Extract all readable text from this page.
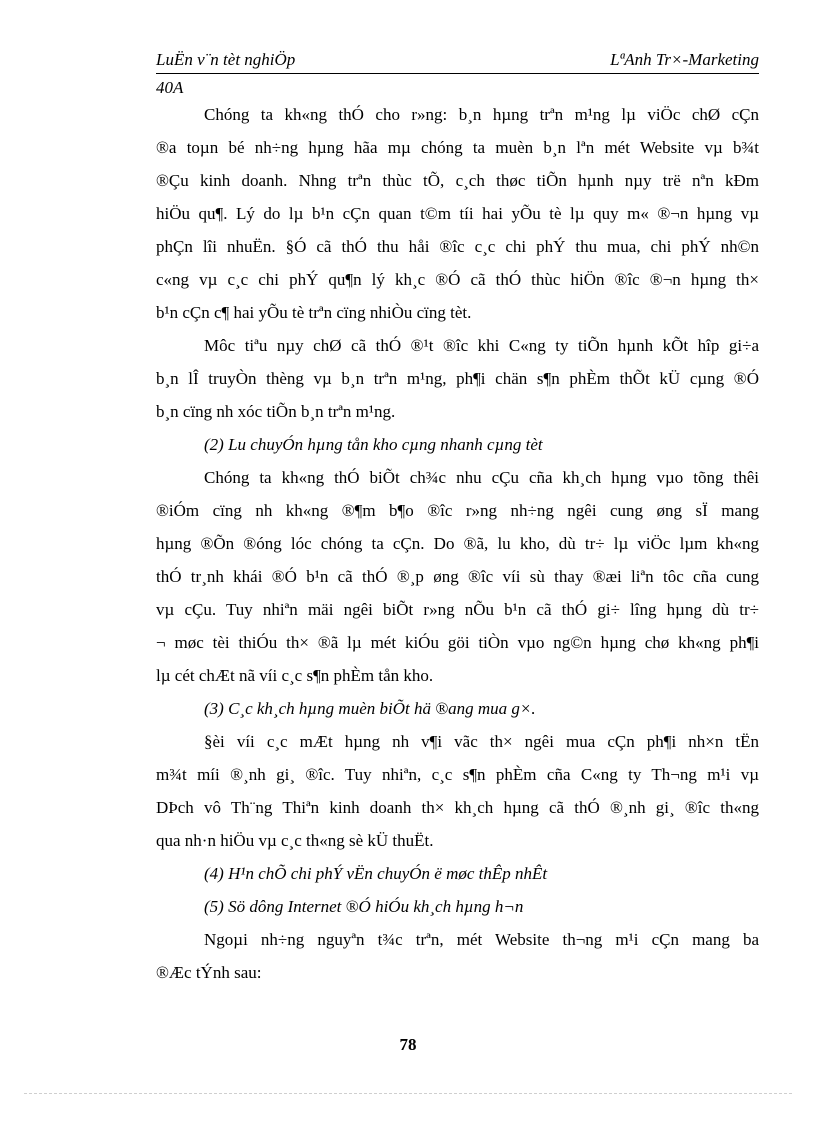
LuËn v¨n tèt nghiÖp	LªAnh Tr×-Marketing
40A
Chóng ta kh«ng thÓ cho r»ng: b¸n hµng trªn m¹ng lµ viÖc chØ cÇn
®a toµn bé nh÷ng hµng hãa mµ chóng ta muèn b¸n lªn mét Website vµ b¾t
®Çu kinh doanh. Nhng trªn thùc tÕ, c¸ch thøc tiÕn hµnh nµy trë nªn kÐm
hiÖu qu¶. Lý do lµ b¹n cÇn quan t©m tíi hai yÕu tè lµ quy m« ®¬n hµng vµ
phÇn lîi nhuËn. §Ó cã thÓ thu håi ®îc c¸c chi phÝ thu mua, chi phÝ nh©n
c«ng vµ c¸c chi phÝ qu¶n lý kh¸c ®Ó cã thÓ thùc hiÖn ®îc ®¬n hµng th×
b¹n cÇn c¶ hai yÕu tè trªn cïng nhiÒu cïng tèt.
Môc tiªu nµy chØ cã thÓ ®¹t ®îc khi C«ng ty tiÕn hµnh kÕt hîp gi÷a
b¸n lÎ truyÒn thèng vµ b¸n trªn m¹ng, ph¶i chän s¶n phÈm thÕt kÜ cµng ®Ó
b¸n cïng nh xóc tiÕn b¸n trªn m¹ng.
(2) Lu chuyÓn hµng tån kho cµng nhanh cµng tèt
Chóng ta kh«ng thÓ biÕt ch¾c nhu cÇu cña kh¸ch hµng vµo tõng thêi
®iÓm cïng nh kh«ng ®¶m b¶o ®îc r»ng nh÷ng ngêi cung øng sÏ mang
hµng ®Õn ®óng lóc chóng ta cÇn. Do ®ã, lu kho, dù tr÷ lµ viÖc lµm kh«ng
thÓ tr¸nh khái ®Ó b¹n cã thÓ ®¸p øng ®îc víi sù thay ®æi liªn tôc cña cung
vµ cÇu. Tuy nhiªn mäi ngêi biÕt r»ng nÕu b¹n cã thÓ gi÷ lîng hµng dù tr÷
¬ møc tèi thiÓu th× ®ã lµ mét kiÓu göi tiÒn vµo ng©n hµng chø kh«ng ph¶i
lµ cét chÆt nã víi c¸c s¶n phÈm tån kho.
(3) C¸c kh¸ch hµng muèn biÕt hä ®ang mua g×.
§èi víi c¸c mÆt hµng nh v¶i vãc th× ngêi mua cÇn ph¶i nh×n tËn
m¾t míi ®¸nh gi¸ ®îc. Tuy nhiªn, c¸c s¶n phÈm cña C«ng ty Th¬ng m¹i vµ
DÞch vô Th¨ng Thiªn kinh doanh th× kh¸ch hµng cã thÓ ®¸nh gi¸ ®îc th«ng
qua nh·n hiÖu vµ c¸c th«ng sè kÜ thuËt.
(4) H¹n chÕ chi phÝ vËn chuyÓn ë møc thÊp nhÊt
(5) Sö dông Internet ®Ó hiÓu kh¸ch hµng h¬n
Ngoµi nh÷ng nguyªn t¾c trªn, mét Website th¬ng m¹i cÇn mang ba
®Æc tÝnh sau:
78
